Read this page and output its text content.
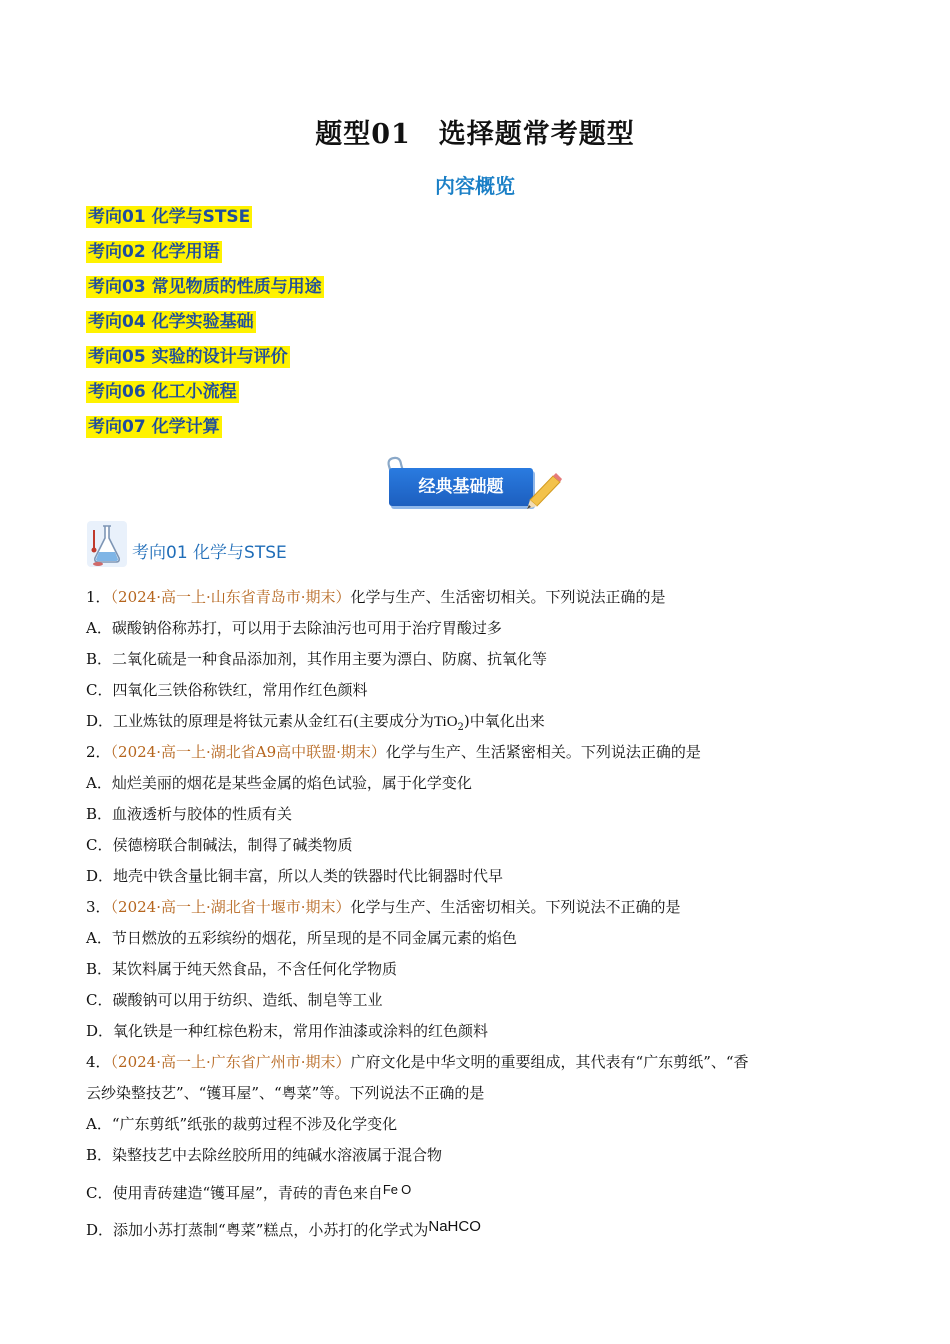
题型01　选择题常考题型
内容概览
考向01 化学与STSE
考向02 化学用语
考向03 常见物质的性质与用途
考向04 化学实验基础
考向05 实验的设计与评价
考向06 化工小流程
考向07 化学计算
经典基础题
考向01 化学与STSE
1．（2024·高一上·山东省青岛市·期末）化学与生产、生活密切相关。下列说法正确的是
A．碳酸钠俗称苏打，可以用于去除油污也可用于治疗胃酸过多
B．二氧化硫是一种食品添加剂，其作用主要为漂白、防腐、抗氧化等
C．四氧化三铁俗称铁红，常用作红色颜料
D．工业炼钛的原理是将钛元素从金红石(主要成分为TiO$_2$)中氧化出来
2．（2024·高一上·湖北省A9高中联盟·期末）化学与生产、生活紧密相关。下列说法正确的是
A．灿烂美丽的烟花是某些金属的焰色试验，属于化学变化
B．血液透析与胶体的性质有关
C．侯德榜联合制碱法，制得了碱类物质
D．地壳中铁含量比铜丰富，所以人类的铁器时代比铜器时代早
3．（2024·高一上·湖北省十堰市·期末）化学与生产、生活密切相关。下列说法不正确的是
A．节日燃放的五彩缤纷的烟花，所呈现的是不同金属元素的焰色
B．某饮料属于纯天然食品，不含任何化学物质
C．碳酸钠可以用于纺织、造纸、制皂等工业
D．氧化铁是一种红棕色粉末，常用作油漆或涂料的红色颜料
4．（2024·高一上·广东省广州市·期末）广府文化是中华文明的重要组成，其代表有“广东剪纸”、“香
云纱染整技艺”、“镬耳屋”、“粤菜”等。下列说法不正确的是
A．“广东剪纸”纸张的裁剪过程不涉及化学变化
B．染整技艺中去除丝胶所用的纯碱水溶液属于混合物
C．使用青砖建造“镬耳屋”，青砖的青色来自Fe O
D．添加小苏打蒸制“粤菜”糕点，小苏打的化学式为NaHCO
